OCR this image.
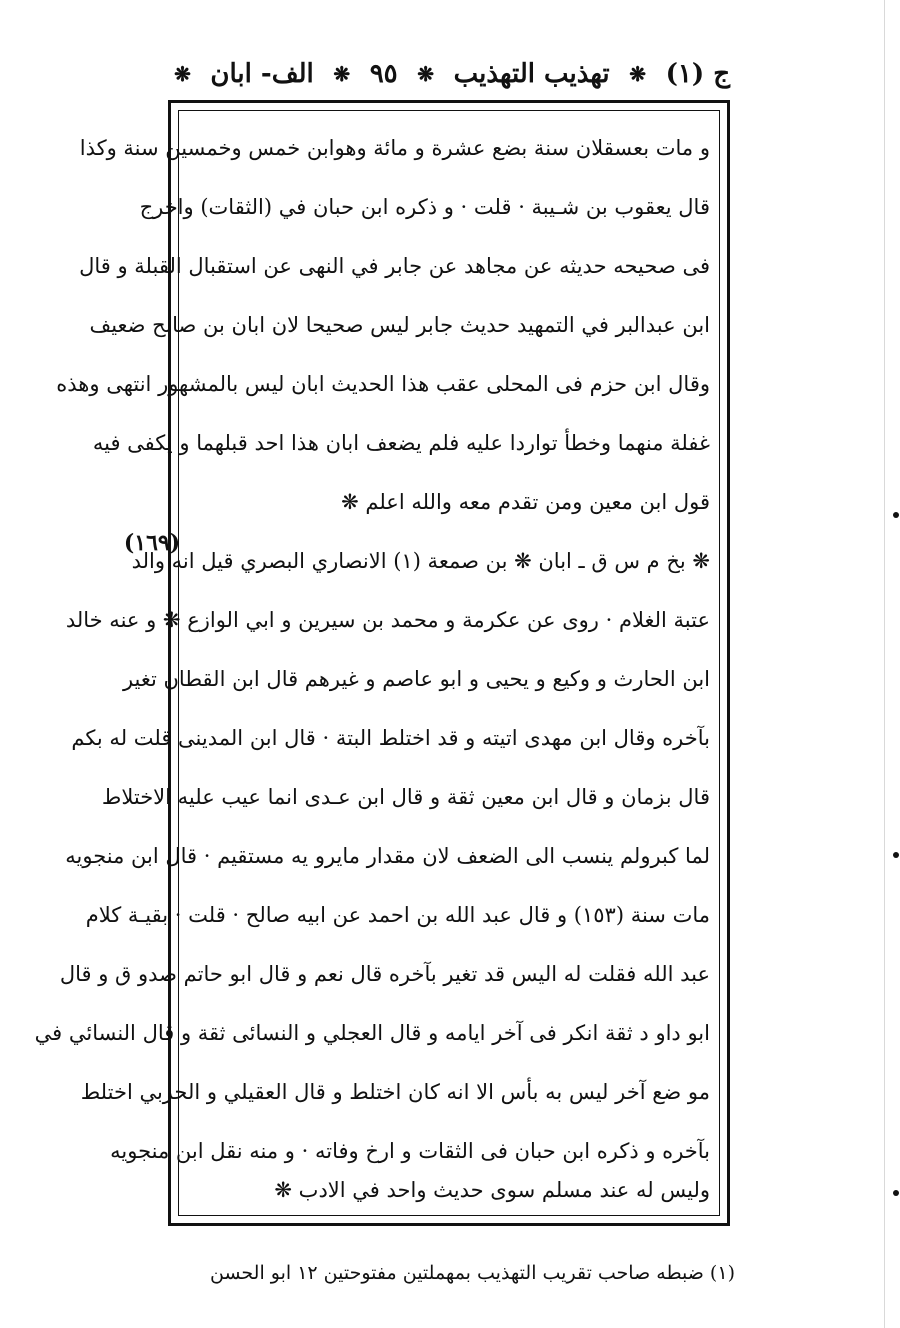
ج (١)
❋
تهذيب التهذيب
❋
٩٥
❋
الف- ابان
❋
و مات بعسقلان سنة بضع عشرة و مائة وهوابن خمس وخمسين سنة وكذا
قال يعقوب بن شـيبة · قلت · و ذكره ابن حبان في (الثقات) واخرج
فى صحيحه حديثه عن مجاهد عن جابر في النهى عن استقبال القبلة و قال
ابن عبدالبر في التمهيد حديث جابر ليس صحيحا لان ابان بن صالح ضعيف
وقال ابن حزم فى المحلى عقب هذا الحديث ابان ليس بالمشهور انتهى وهذه
غفلة منهما وخطأ تواردا عليه فلم يضعف ابان هذا احد قبلهما و يكفى فيه
قول ابن معين ومن تقدم معه والله اعلم ❋
❋ بخ م س ق ـ ابان ❋ بن صمعة (١) الانصاري البصري قيل انه والد
عتبة الغلام · روى عن عكرمة و محمد بن سيرين و ابي الوازع ❋ و عنه خالد
ابن الحارث و وكيع و يحيى و ابو عاصم و غيرهم قال ابن القطان تغير
بآخره وقال ابن مهدى اتيته و قد اختلط البتة · قال ابن المدينى قلت له بكم
قال بزمان و قال ابن معين ثقة و قال ابن عـدى انما عيب عليه الاختلاط
لما كبرولم ينسب الى الضعف لان مقدار مايرو يه مستقيم · قال ابن منجويه
مات سنة (١٥٣) و قال عبد الله بن احمد عن ابيه صالح · قلت · بقيـة كلام
عبد الله فقلت له اليس قد تغير بآخره قال نعم و قال ابو حاتم صدو ق و قال
ابو داو د ثقة انكر فى آخر ايامه و قال العجلي و النسائى ثقة و قال النسائي في
مو ضع آخر ليس به بأس الا انه كان اختلط و قال العقيلي و الحربي اختلط
بآخره و ذكره ابن حبان فى الثقات و ارخ وفاته · و منه نقل ابن منجويه
وليس له عند مسلم سوى حديث واحد في الادب ❋
(١٦٩)
(١) ضبطه صاحب تقريب التهذيب بمهملتين مفتوحتين ١٢ ابو الحسن
